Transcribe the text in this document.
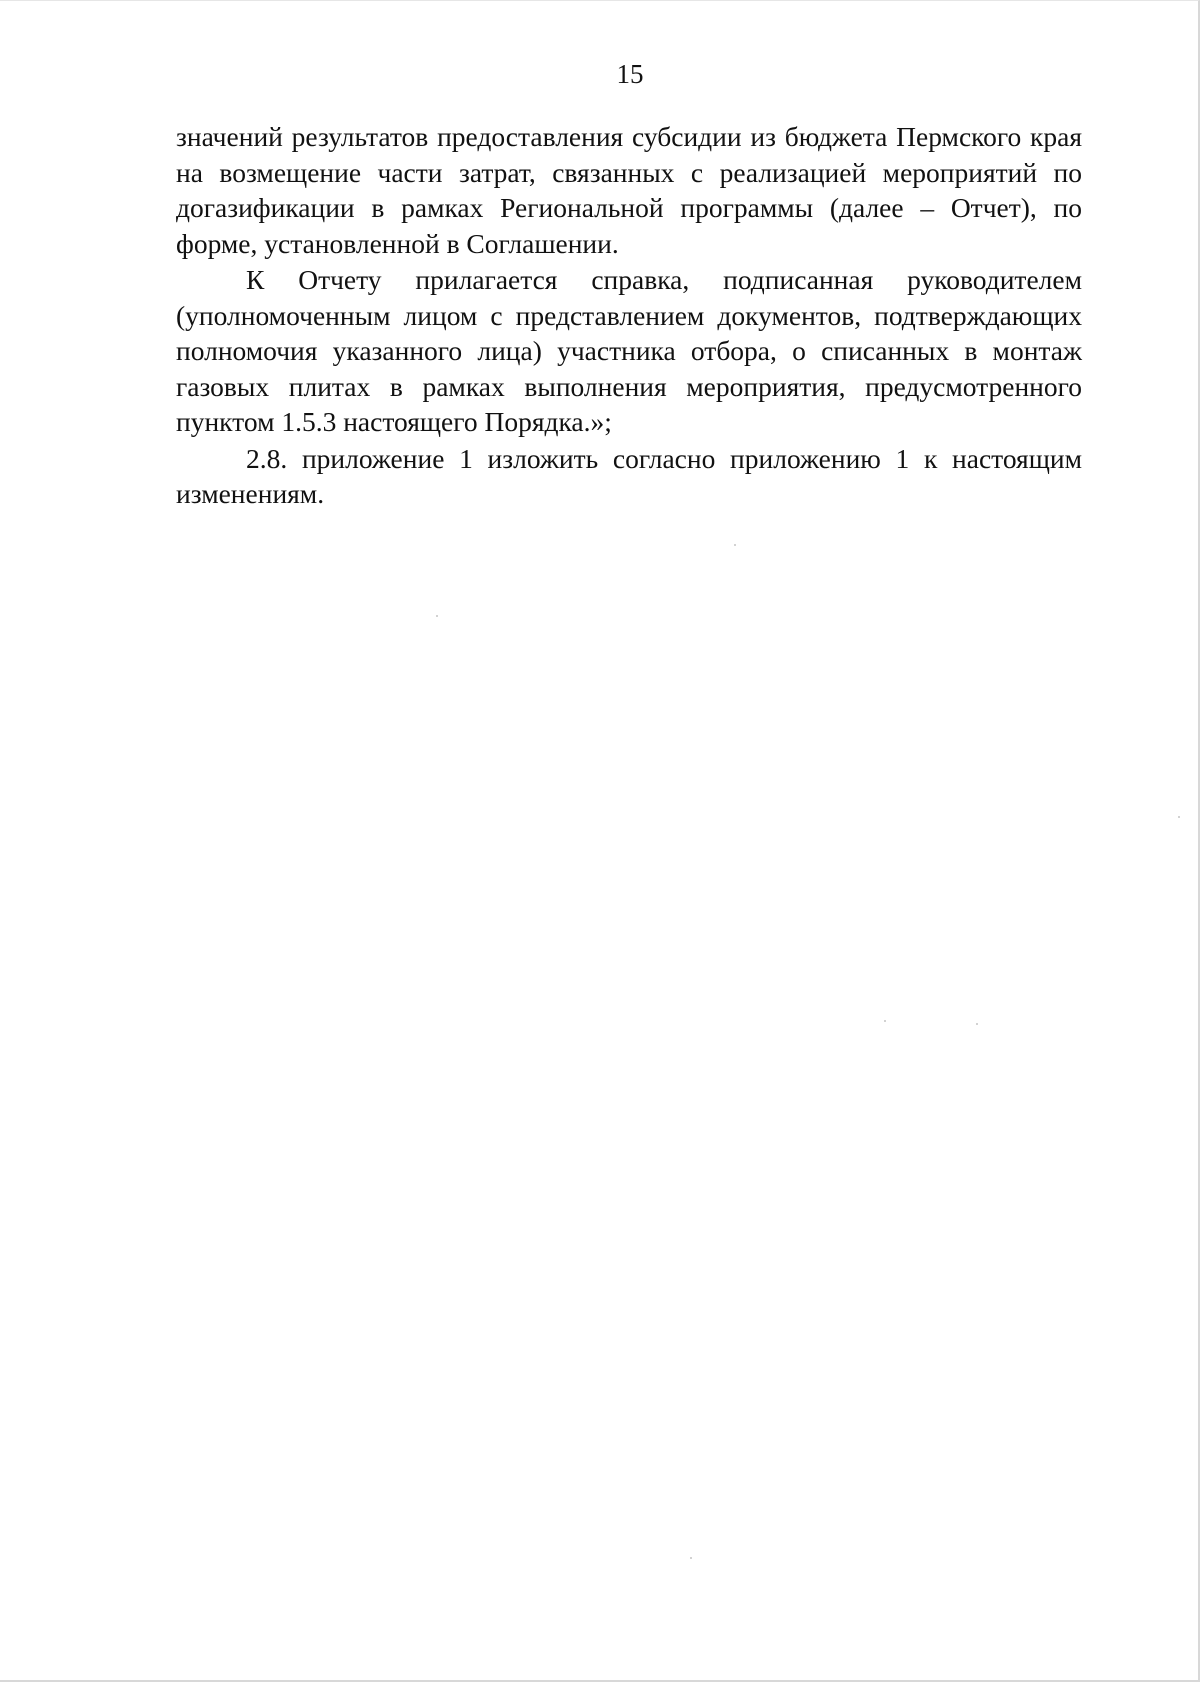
15

значений результатов предоставления субсидии из бюджета Пермского края на возмещение части затрат, связанных с реализацией мероприятий по догазификации в рамках Региональной программы (далее – Отчет), по форме, установленной в Соглашении.

К Отчету прилагается справка, подписанная руководителем (уполномоченным лицом с представлением документов, подтверждающих полномочия указанного лица) участника отбора, о списанных в монтаж газовых плитах в рамках выполнения мероприятия, предусмотренного пунктом 1.5.3 настоящего Порядка.»;

2.8. приложение 1 изложить согласно приложению 1 к настоящим изменениям.
